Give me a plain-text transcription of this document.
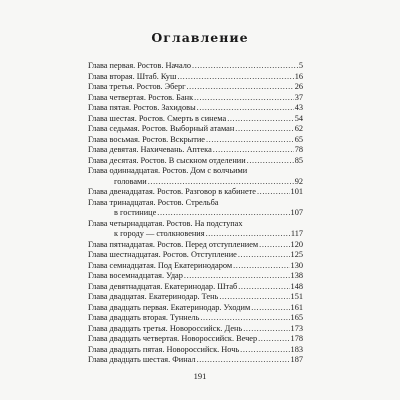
Оглавление
Глава первая. Ростов. Начало .....	5
Глава вторая. Штаб. Куш .....	16
Глава третья. Ростов. Эберг .....	26
Глава четвертая. Ростов. Банк .....	37
Глава пятая. Ростов. Захидовы .....	43
Глава шестая. Ростов. Смерть в синема .....	54
Глава седьмая. Ростов. Выборный атаман .....	62
Глава восьмая. Ростов. Вскрытие .....	65
Глава девятая. Нахичевань. Аптека .....	78
Глава десятая. Ростов. В сыскном отделении .....	85
Глава одиннадцатая. Ростов. Дом с волчьими
головами .....	92
Глава двенадцатая. Ростов. Разговор в кабинете .....	101
Глава тринадцатая. Ростов. Стрельба
в гостинице .....	107
Глава четырнадцатая. Ростов. На подступах
к городу — столкновения .....	117
Глава пятнадцатая. Ростов. Перед отступлением .....	120
Глава шестнадцатая. Ростов. Отступление .....	125
Глава семнадцатая. Под Екатеринодаром .....	130
Глава восемнадцатая. Удар .....	138
Глава девятнадцатая. Екатеринодар. Штаб .....	148
Глава двадцатая. Екатеринодар. Тень .....	151
Глава двадцать первая. Екатеринодар. Уходим .....	161
Глава двадцать вторая. Туннель .....	165
Глава двадцать третья. Новороссийск. День .....	173
Глава двадцать четвертая. Новороссийск. Вечер .....	178
Глава двадцать пятая. Новороссийск. Ночь .....	183
Глава двадцать шестая. Финал .....	187
191
